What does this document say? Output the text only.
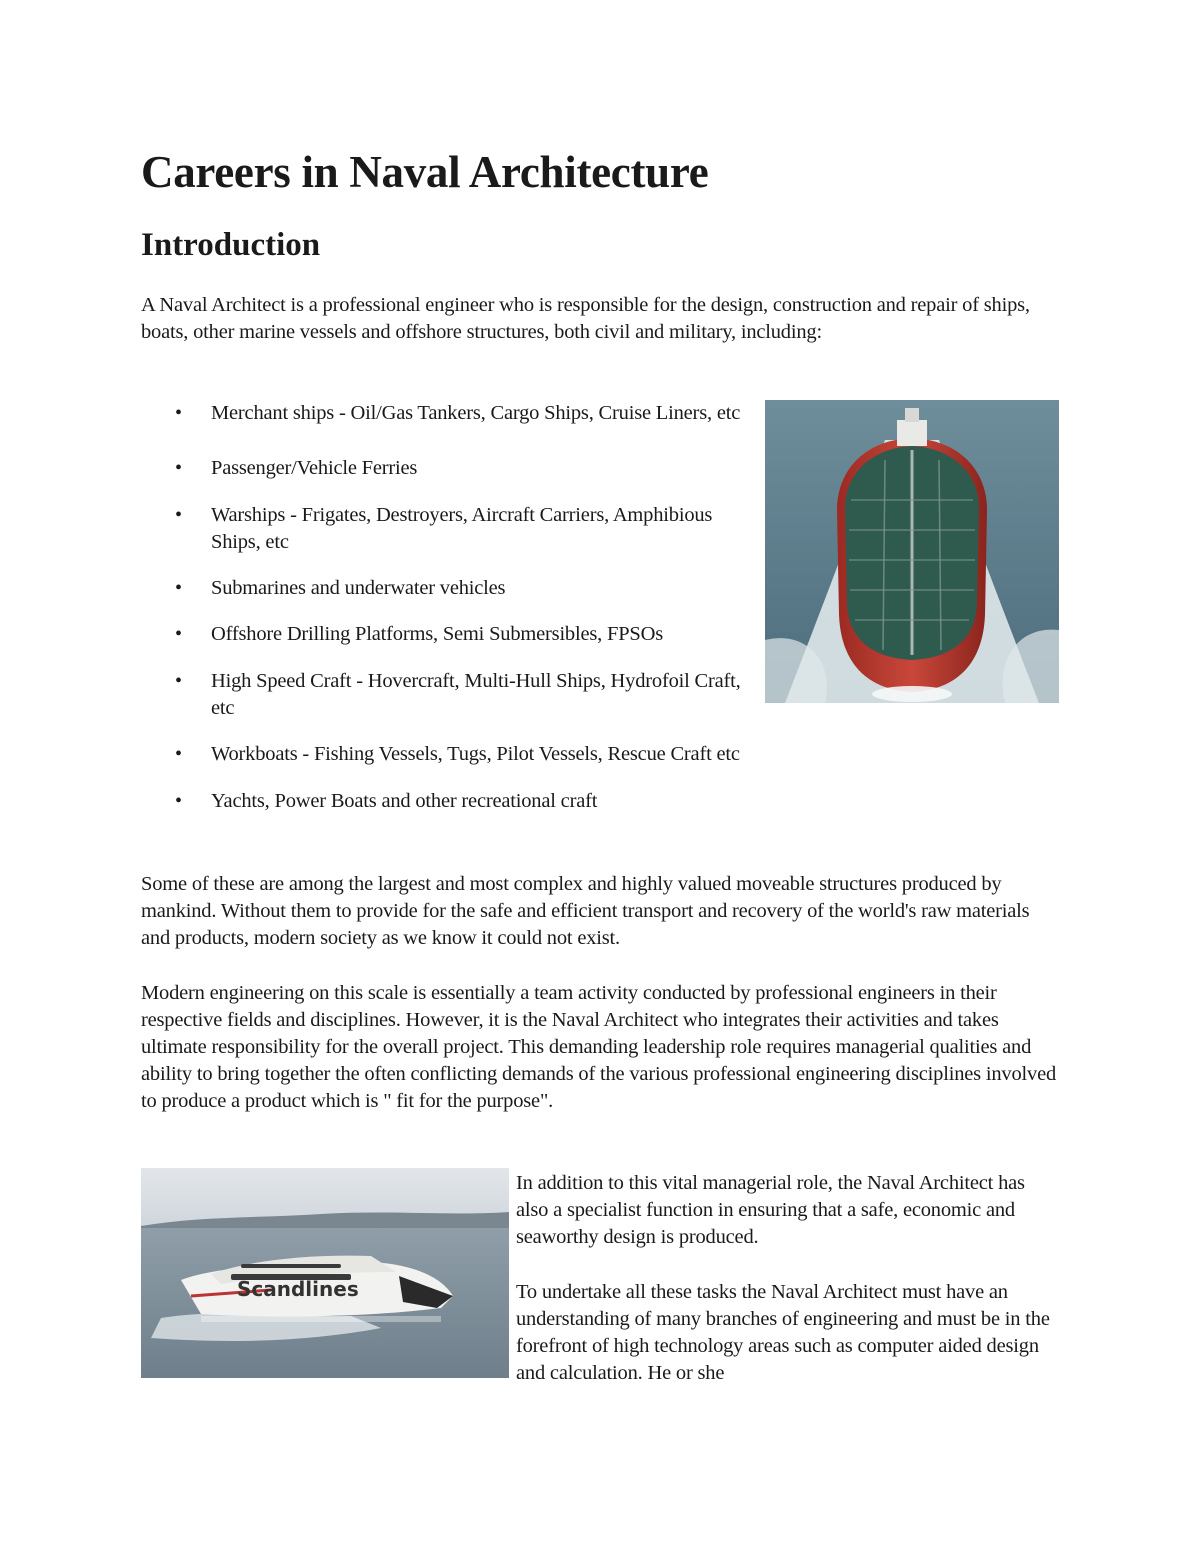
Careers in Naval Architecture
Introduction

A Naval Architect is a professional engineer who is responsible for the design, construction and repair of ships, boats, other marine vessels and offshore structures, both civil and military, including:

• Merchant ships - Oil/Gas Tankers, Cargo Ships, Cruise Liners, etc
• Passenger/Vehicle Ferries
• Warships - Frigates, Destroyers, Aircraft Carriers, Amphibious Ships, etc
• Submarines and underwater vehicles
• Offshore Drilling Platforms, Semi Submersibles, FPSOs
• High Speed Craft - Hovercraft, Multi-Hull Ships, Hydrofoil Craft, etc
• Workboats - Fishing Vessels, Tugs, Pilot Vessels, Rescue Craft etc
• Yachts, Power Boats and other recreational craft

Some of these are among the largest and most complex and highly valued moveable structures produced by mankind. Without them to provide for the safe and efficient transport and recovery of the world's raw materials and products, modern society as we know it could not exist.

Modern engineering on this scale is essentially a team activity conducted by professional engineers in their respective fields and disciplines. However, it is the Naval Architect who integrates their activities and takes ultimate responsibility for the overall project. This demanding leadership role requires managerial qualities and ability to bring together the often conflicting demands of the various professional engineering disciplines involved to produce a product which is " fit for the purpose".

Scandlines

In addition to this vital managerial role, the Naval Architect has also a specialist function in ensuring that a safe, economic and seaworthy design is produced.

To undertake all these tasks the Naval Architect must have an understanding of many branches of engineering and must be in the forefront of high technology areas such as computer aided design and calculation. He or she
